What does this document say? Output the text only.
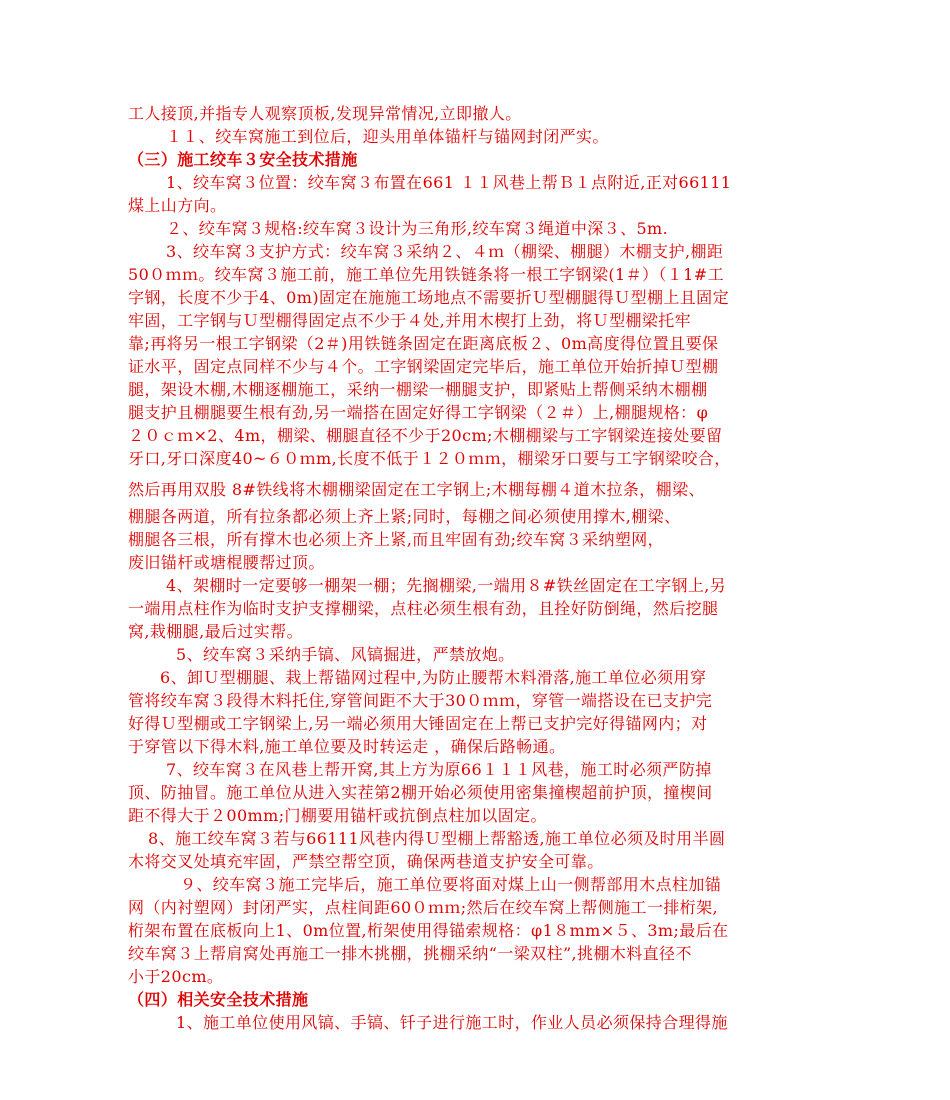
工人接顶,并指专人观察顶板,发现异常情况,立即撤人。
１１、绞车窝施工到位后，迎头用单体锚杆与锚网封闭严实。
（三）施工绞车３安全技术措施
1、绞车窝３位置：绞车窝３布置在661 １１风巷上帮Ｂ１点附近,正对66111
煤上山方向。
２、绞车窝３规格:绞车窝３设计为三角形,绞车窝３绳道中深３、5m.
3、绞车窝３支护方式：绞车窝３采纳２、４ｍ（棚梁、棚腿）木棚支护,棚距
50０ｍｍ。绞车窝３施工前，施工单位先用铁链条将一根工字钢梁(1＃）（１1#工
字钢，长度不少于4、0m)固定在施施工场地点不需要折Ｕ型棚腿得Ｕ型棚上且固定
牢固，工字钢与Ｕ型棚得固定点不少于４处,并用木楔打上劲，将Ｕ型棚梁托牢
靠;再将另一根工字钢梁（2＃)用铁链条固定在距离底板２、0m高度得位置且要保
证水平，固定点同样不少与４个。工字钢梁固定完毕后，施工单位开始折掉Ｕ型棚
腿，架设木棚,木棚逐棚施工，采纳一棚梁一棚腿支护，即紧贴上帮侧采纳木棚棚
腿支护且棚腿要生根有劲,另一端搭在固定好得工字钢梁（２＃）上,棚腿规格：φ
２０ｃｍ×2、4m，棚梁、棚腿直径不少于20cm;木棚棚梁与工字钢梁连接处要留
牙口,牙口深度40~６０ｍm,长度不低于１２０ｍｍ，棚梁牙口要与工字钢梁咬合，
然后再用双股 8#铁线将木棚棚梁固定在工字钢上;木棚每棚４道木拉条，棚梁、
棚腿各两道，所有拉条都必须上齐上紧;同时，每棚之间必须使用撑木,棚梁、
棚腿各三根，所有撑木也必须上齐上紧,而且牢固有劲;绞车窝３采纳塑网，
废旧锚杆或塘棍腰帮过顶。
4、架棚时一定要够一棚架一棚；先搁棚梁,一端用８#铁丝固定在工字钢上,另
一端用点柱作为临时支护支撑棚梁，点柱必须生根有劲，且拴好防倒绳，然后挖腿
窝,栽棚腿,最后过实帮。
5、绞车窝３采纳手镐、风镐掘进，严禁放炮。
6、卸Ｕ型棚腿、栽上帮锚网过程中,为防止腰帮木料滑落,施工单位必须用穿
管将绞车窝３段得木料托住,穿管间距不大于30０ｍｍ，穿管一端搭设在已支护完
好得Ｕ型棚或工字钢梁上,另一端必须用大锤固定在上帮已支护完好得锚网内；对
于穿管以下得木料,施工单位要及时转运走 ，确保后路畅通。
7、绞车窝３在风巷上帮开窝,其上方为原66１１１风巷，施工时必须严防掉
顶、防抽冒。施工单位从进入实茬第2棚开始必须使用密集撞楔超前护顶，撞楔间
距不得大于２00mm;门棚要用锚杆或抗倒点柱加以固定。
8、施工绞车窝３若与66111风巷内得Ｕ型棚上帮豁透,施工单位必须及时用半圆
木将交叉处填充牢固，严禁空帮空顶，确保两巷道支护安全可靠。
９、绞车窝３施工完毕后，施工单位要将面对煤上山一侧帮部用木点柱加锚
网（内衬塑网）封闭严实，点柱间距60０ｍｍ;然后在绞车窝上帮侧施工一排桁架,
桁架布置在底板向上1、0m位置,桁架使用得锚索规格：φ1８mm×５、3m;最后在
绞车窝３上帮肩窝处再施工一排木挑棚，挑棚采纳“一梁双柱”,挑棚木料直径不
小于20cm。
（四）相关安全技术措施
1、施工单位使用风镐、手镐、钎子进行施工时，作业人员必须保持合理得施
